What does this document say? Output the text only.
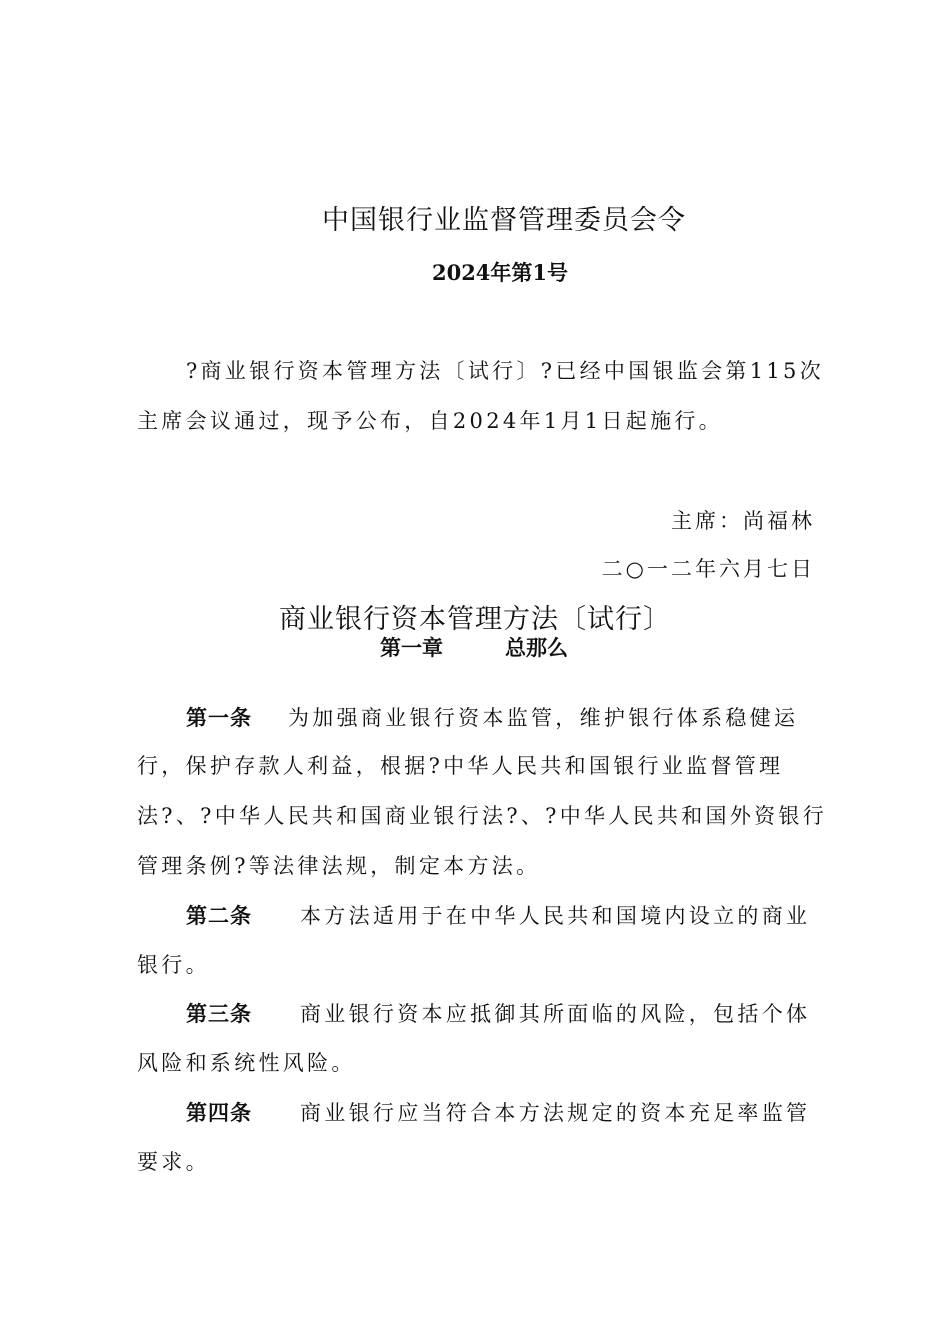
中国银行业监督管理委员会令
2024年第1号
?商业银行资本管理方法〔试行〕?已经中国银监会第115次
主席会议通过，现予公布，自2024年1月1日起施行。
主席：尚福林
二○一二年六月七日
商业银行资本管理方法〔试行〕
第一章	总那么
第一条 为加强商业银行资本监管，维护银行体系稳健运
行，保护存款人利益，根据?中华人民共和国银行业监督管理
法?、?中华人民共和国商业银行法?、?中华人民共和国外资银行
管理条例?等法律法规，制定本方法。
第二条 本方法适用于在中华人民共和国境内设立的商业
银行。
第三条 商业银行资本应抵御其所面临的风险，包括个体
风险和系统性风险。
第四条 商业银行应当符合本方法规定的资本充足率监管
要求。
